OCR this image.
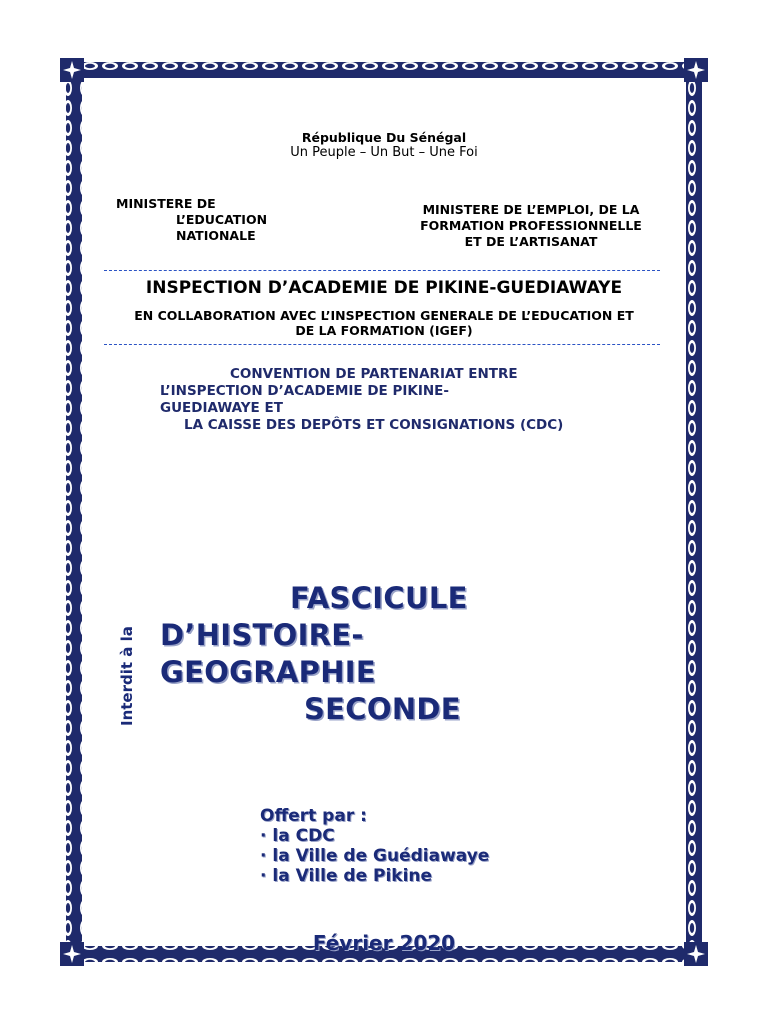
République Du Sénégal
Un Peuple – Un But – Une Foi
MINISTERE DE
L’EDUCATION
NATIONALE
MINISTERE DE L’EMPLOI, DE LA
FORMATION PROFESSIONNELLE
ET DE L’ARTISANAT
INSPECTION D’ACADEMIE DE PIKINE-GUEDIAWAYE
EN COLLABORATION AVEC L’INSPECTION GENERALE DE L’EDUCATION ET
DE LA FORMATION (IGEF)
CONVENTION DE PARTENARIAT ENTRE
L’INSPECTION D’ACADEMIE DE PIKINE-
GUEDIAWAYE ET
LA CAISSE DES DEPÔTS ET CONSIGNATIONS (CDC)
Interdit à la
FASCICULE
D’HISTOIRE-
GEOGRAPHIE
SECONDE
Offert par :
· la CDC
· la Ville de Guédiawaye
· la Ville de Pikine
Février 2020
